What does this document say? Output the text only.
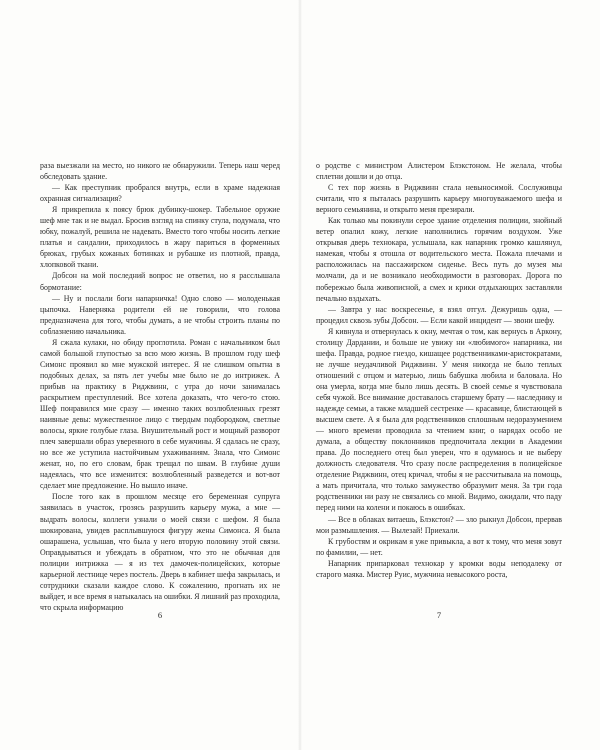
раза выезжали на место, но никого не обнаружили. Теперь наш черед обследовать здание.

— Как преступник пробрался внутрь, если в храме надежная охранная сигнализация?

Я прикрепила к поясу брюк дубинку-шокер. Табельное оружие шеф мне так и не выдал. Бросив взгляд на спинку стула, подумала, что юбку, пожалуй, решила не надевать. Вместо того чтобы носить легкие платья и сандалии, приходилось в жару париться в форменных брюках, грубых кожаных ботинках и рубашке из плотной, правда, хлопковой ткани.

Добсон на мой последний вопрос не ответил, но я расслышала бормотание:

— Ну и послали боги напарничка! Одно слово — молоденькая цыпочка. Наверняка родители ей не говорили, что голова предназначена для того, чтобы думать, а не чтобы строить планы по соблазнению начальника.

Я сжала кулаки, но обиду проглотила. Роман с начальником был самой большой глупостью за всю мою жизнь. В прошлом году шеф Симонс проявил ко мне мужской интерес. Я не слишком опытна в подобных делах, за пять лет учебы мне было не до интрижек. А прибыв на практику в Риджвинн, с утра до ночи занималась раскрытием преступлений. Все хотела доказать, что чего-то стою. Шеф понравился мне сразу — именно таких возлюбленных грезят наивные девы: мужественное лицо с твердым подбородком, светлые волосы, яркие голубые глаза. Внушительный рост и мощный разворот плеч завершали образ уверенного в себе мужчины. Я сдалась не сразу, но все же уступила настойчивым ухаживаниям. Знала, что Симонс женат, но, по его словам, брак трещал по швам. В глубине души надеялась, что все изменится: возлюбленный разведется и вот-вот сделает мне предложение. Но вышло иначе.

После того как в прошлом месяце его беременная супруга заявилась в участок, грозясь разрушить карьеру мужа, а мне — выдрать волосы, коллеги узнали о моей связи с шефом. Я была шокирована, увидев расплывшуюся фигуру жены Симонса. Я была ошарашена, услышав, что была у него вторую половину этой связи. Оправдываться и убеждать в обратном, что это не обычная для полиции интрижка — я из тех дамочек-полицейских, которые карьерной лестнице через постель. Дверь в кабинет шефа закрылась, и сотрудники сказали каждое слово. К сожалению, прогнать их не выйдет, и все время я натыкалась на ошибки. Я лишний раз проходила, что скрыла информацию

6

о родстве с министром Алистером Блэкстоном. Не желала, чтобы сплетни дошли и до отца.

С тех пор жизнь в Риджвинн стала невыносимой. Сослуживцы считали, что я пыталась разрушить карьеру многоуважаемого шефа и верного семьянина, и открыто меня презирали.

Как только мы покинули серое здание отделения полиции, знойный ветер опалил кожу, легкие наполнились горячим воздухом. Уже открывая дверь технокара, услышала, как напарник громко кашлянул, намекая, чтобы я отошла от водительского места. Пожала плечами и расположилась на пассажирском сиденье. Весь путь до музея мы молчали, да и не возникало необходимости в разговорах. Дорога по побережью была живописной, а смех и крики отдыхающих заставляли печально вздыхать.

— Завтра у нас воскресенье, я взял отгул. Дежуришь одна, — процедил сквозь зубы Добсон. — Если какой инцидент — звони шефу.

Я кивнула и отвернулась к окну, мечтая о том, как вернусь в Аркону, столицу Дардании, и больше не увижу ни «любимого» напарника, ни шефа. Правда, родное гнездо, кишащее родственниками-аристократами, не лучше неудачливой Риджвинн. У меня никогда не было теплых отношений с отцом и матерью, лишь бабушка любила и баловала. Но она умерла, когда мне было лишь десять. В своей семье я чувствовала себя чужой. Все внимание доставалось старшему брату — наследнику и надежде семьи, а также младшей сестренке — красавице, блистающей в высшем свете. А я была для родственников сплошным недоразумением — много времени проводила за чтением книг, о нарядах особо не думала, а обществу поклонников предпочитала лекции в Академии права. До последнего отец был уверен, что я одумаюсь и не выберу должность следователя. Что сразу после распределения в полицейское отделение Риджвинн, отец кричал, чтобы я не рассчитывала на помощь, а мать причитала, что только замужество образумит меня. За три года родственники ни разу не связались со мной. Видимо, ожидали, что паду перед ними на колени и покаюсь в ошибках.

— Все в облаках витаешь, Блэкстон? — зло рыкнул Добсон, прервав мои размышления. — Вылезай! Приехали.

К грубостям и окрикам я уже привыкла, а вот к тому, что меня зовут по фамилии, — нет.

Напарник припарковал технокар у кромки воды неподалеку от старого маяка. Мистер Руис, мужчина невысокого роста,

7
